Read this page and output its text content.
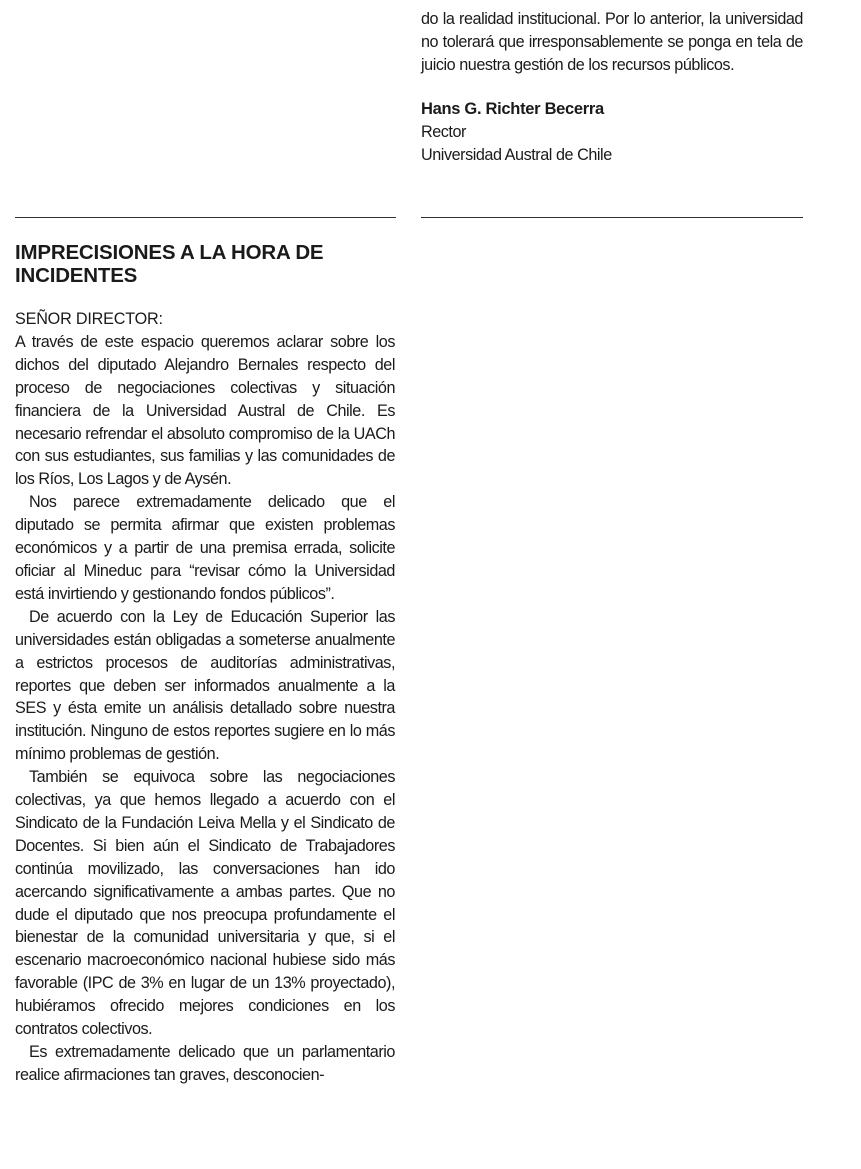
do la realidad institucional. Por lo anterior, la universidad no tolerará que irresponsablemente se ponga en tela de juicio nuestra gestión de los recursos públicos.

Hans G. Richter Becerra
Rector
Universidad Austral de Chile
IMPRECISIONES A LA HORA DE INCIDENTES

SEÑOR DIRECTOR:

A través de este espacio queremos aclarar sobre los dichos del diputado Alejandro Bernales respecto del proceso de negociaciones colectivas y situación financiera de la Universidad Austral de Chile. Es necesario refrendar el absoluto compromiso de la UACh con sus estudiantes, sus familias y las comunidades de los Ríos, Los Lagos y de Aysén.

Nos parece extremadamente delicado que el diputado se permita afirmar que existen problemas económicos y a partir de una premisa errada, solicite oficiar al Mineduc para “revisar cómo la Universidad está invirtiendo y gestionando fondos públicos”.

De acuerdo con la Ley de Educación Superior las universidades están obligadas a someterse anualmente a estrictos procesos de auditorías administrativas, reportes que deben ser informados anualmente a la SES y ésta emite un análisis detallado sobre nuestra institución. Ninguno de estos reportes sugiere en lo más mínimo problemas de gestión.

También se equivoca sobre las negociaciones colectivas, ya que hemos llegado a acuerdo con el Sindicato de la Fundación Leiva Mella y el Sindicato de Docentes. Si bien aún el Sindicato de Trabajadores continúa movilizado, las conversaciones han ido acercando significativamente a ambas partes. Que no dude el diputado que nos preocupa profundamente el bienestar de la comunidad universitaria y que, si el escenario macroeconómico nacional hubiese sido más favorable (IPC de 3% en lugar de un 13% proyectado), hubiéramos ofrecido mejores condiciones en los contratos colectivos.

Es extremadamente delicado que un parlamentario realice afirmaciones tan graves, desconocien-
